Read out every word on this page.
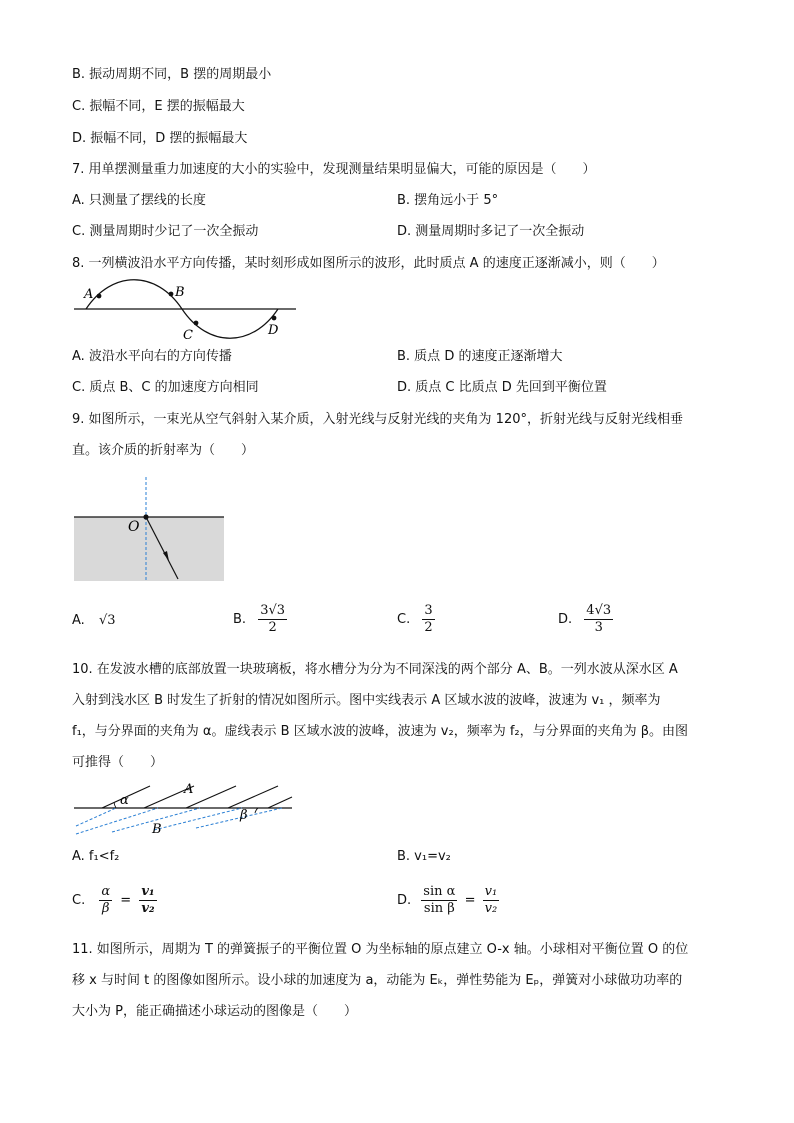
B. 振动周期不同，B 摆的周期最小
C. 振幅不同，E 摆的振幅最大
D. 振幅不同，D 摆的振幅最大
7. 用单摆测量重力加速度的大小的实验中，发现测量结果明显偏大，可能的原因是（　　）
A. 只测量了摆线的长度	B. 摆角远小于 5°
C. 测量周期时少记了一次全振动	D. 测量周期时多记了一次全振动
8. 一列横波沿水平方向传播，某时刻形成如图所示的波形，此时质点 A 的速度正逐渐减小，则（　　）
A	B
C	D
A. 波沿水平向右的方向传播	B. 质点 D 的速度正逐渐增大
C. 质点 B、C 的加速度方向相同	D. 质点 C 比质点 D 先回到平衡位置
9. 如图所示，一束光从空气斜射入某介质，入射光线与反射光线的夹角为 120°，折射光线与反射光线相垂
直。该介质的折射率为（　　）
O
A. √3	B. $\frac{3√3}{2}$	C. $\frac{3}{2}$	D. $\frac{4√3}{3}$
10. 在发波水槽的底部放置一块玻璃板，将水槽分为分为不同深浅的两个部分 A、B。一列水波从深水区 A
入射到浅水区 B 时发生了折射的情况如图所示。图中实线表示 A 区域水波的波峰，波速为 v₁ ，频率为
f₁，与分界面的夹角为 α。虚线表示 B 区域水波的波峰，波速为 v₂，频率为 f₂，与分界面的夹角为 β。由图
可推得（　　）
α
A
B
β
A. f₁<f₂	B. v₁=v₂
C. $\frac{\alpha}{\beta} = \frac{\text{v₁}}{\text{v₂}}$	D. $\frac{\text{sin α}}{\text{sin β}} = \frac{\text{v₁}}{\text{v₂}}$
11. 如图所示，周期为 T 的弹簧振子的平衡位置 O 为坐标轴的原点建立 O-x 轴。小球相对平衡位置 O 的位
移 x 与时间 t 的图像如图所示。设小球的加速度为 a，动能为 Eₖ，弹性势能为 Eₚ，弹簧对小球做功功率的
大小为 P，能正确描述小球运动的图像是（　　）
